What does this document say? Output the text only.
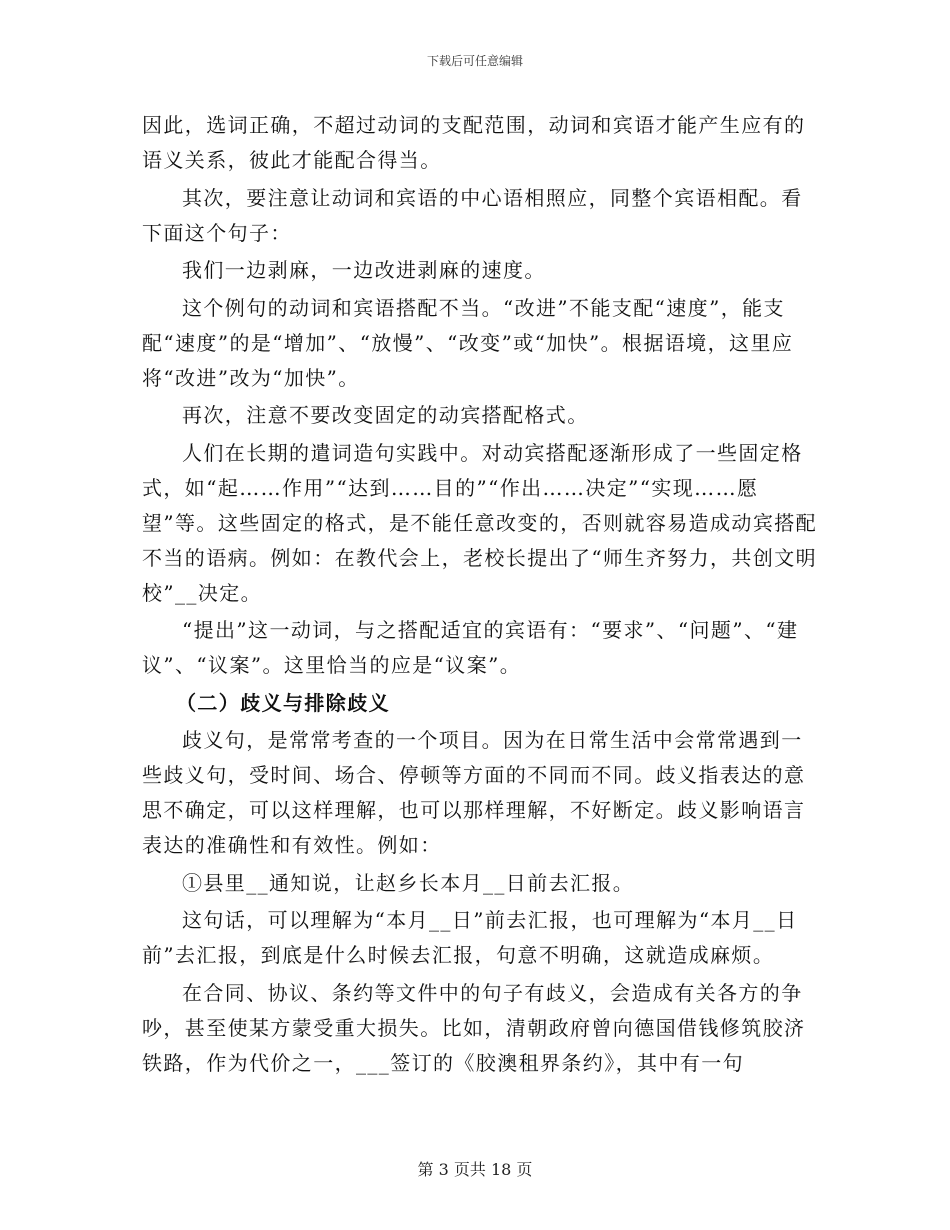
下载后可任意编辑

因此，选词正确，不超过动词的支配范围，动词和宾语才能产生应有的语义关系，彼此才能配合得当。

其次，要注意让动词和宾语的中心语相照应，同整个宾语相配。看下面这个句子：

我们一边剥麻，一边改进剥麻的速度。

这个例句的动词和宾语搭配不当。“改进”不能支配“速度”，能支配“速度”的是“增加”、“放慢”、“改变”或“加快”。根据语境，这里应将“改进”改为“加快”。

再次，注意不要改变固定的动宾搭配格式。

人们在长期的遣词造句实践中。对动宾搭配逐渐形成了一些固定格式，如“起……作用”“达到……目的”“作出……决定”“实现……愿望”等。这些固定的格式，是不能任意改变的，否则就容易造成动宾搭配不当的语病。例如：在教代会上，老校长提出了“师生齐努力，共创文明校”__决定。

“提出”这一动词，与之搭配适宜的宾语有：“要求”、“问题”、“建议”、“议案”。这里恰当的应是“议案”。

（二）歧义与排除歧义

歧义句，是常常考查的一个项目。因为在日常生活中会常常遇到一些歧义句，受时间、场合、停顿等方面的不同而不同。歧义指表达的意思不确定，可以这样理解，也可以那样理解，不好断定。歧义影响语言表达的准确性和有效性。例如：

①县里__通知说，让赵乡长本月__日前去汇报。

这句话，可以理解为“本月__日”前去汇报，也可理解为“本月__日前”去汇报，到底是什么时候去汇报，句意不明确，这就造成麻烦。

在合同、协议、条约等文件中的句子有歧义，会造成有关各方的争吵，甚至使某方蒙受重大损失。比如，清朝政府曾向德国借钱修筑胶济铁路，作为代价之一，___签订的《胶澳租界条约》，其中有一句

第 3 页共 18 页
